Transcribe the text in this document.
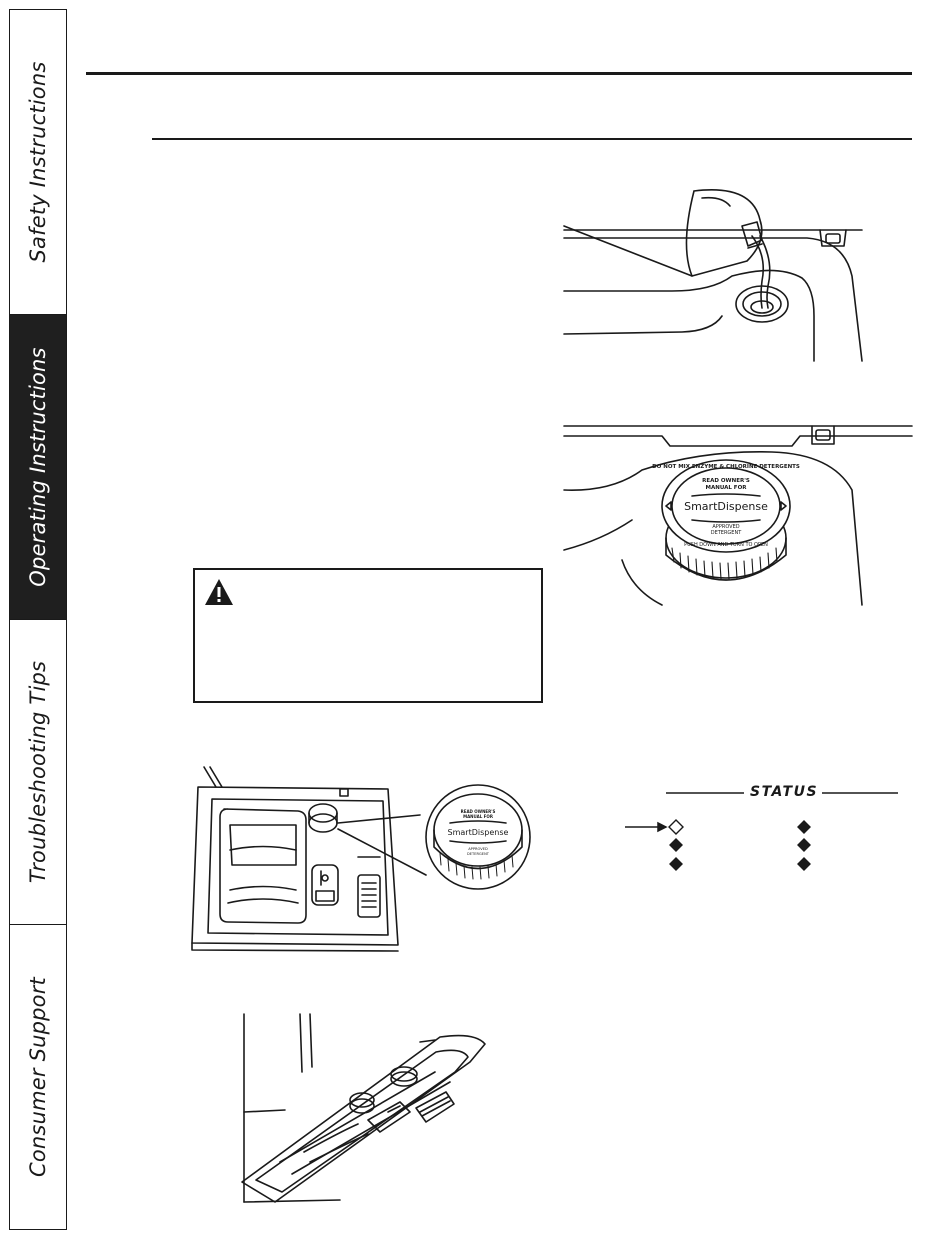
Safety Instructions
Operating Instructions
Troubleshooting Tips
Consumer Support
READ OWNER'S
MANUAL FOR
SmartDispense
APPROVED
DETERGENT
DO NOT MIX ENZYME & CHLORINE DETERGENTS
PUSH DOWN AND TURN TO OPEN
READ OWNER'S
MANUAL FOR
SmartDispense
APPROVED
DETERGENT
STATUS
